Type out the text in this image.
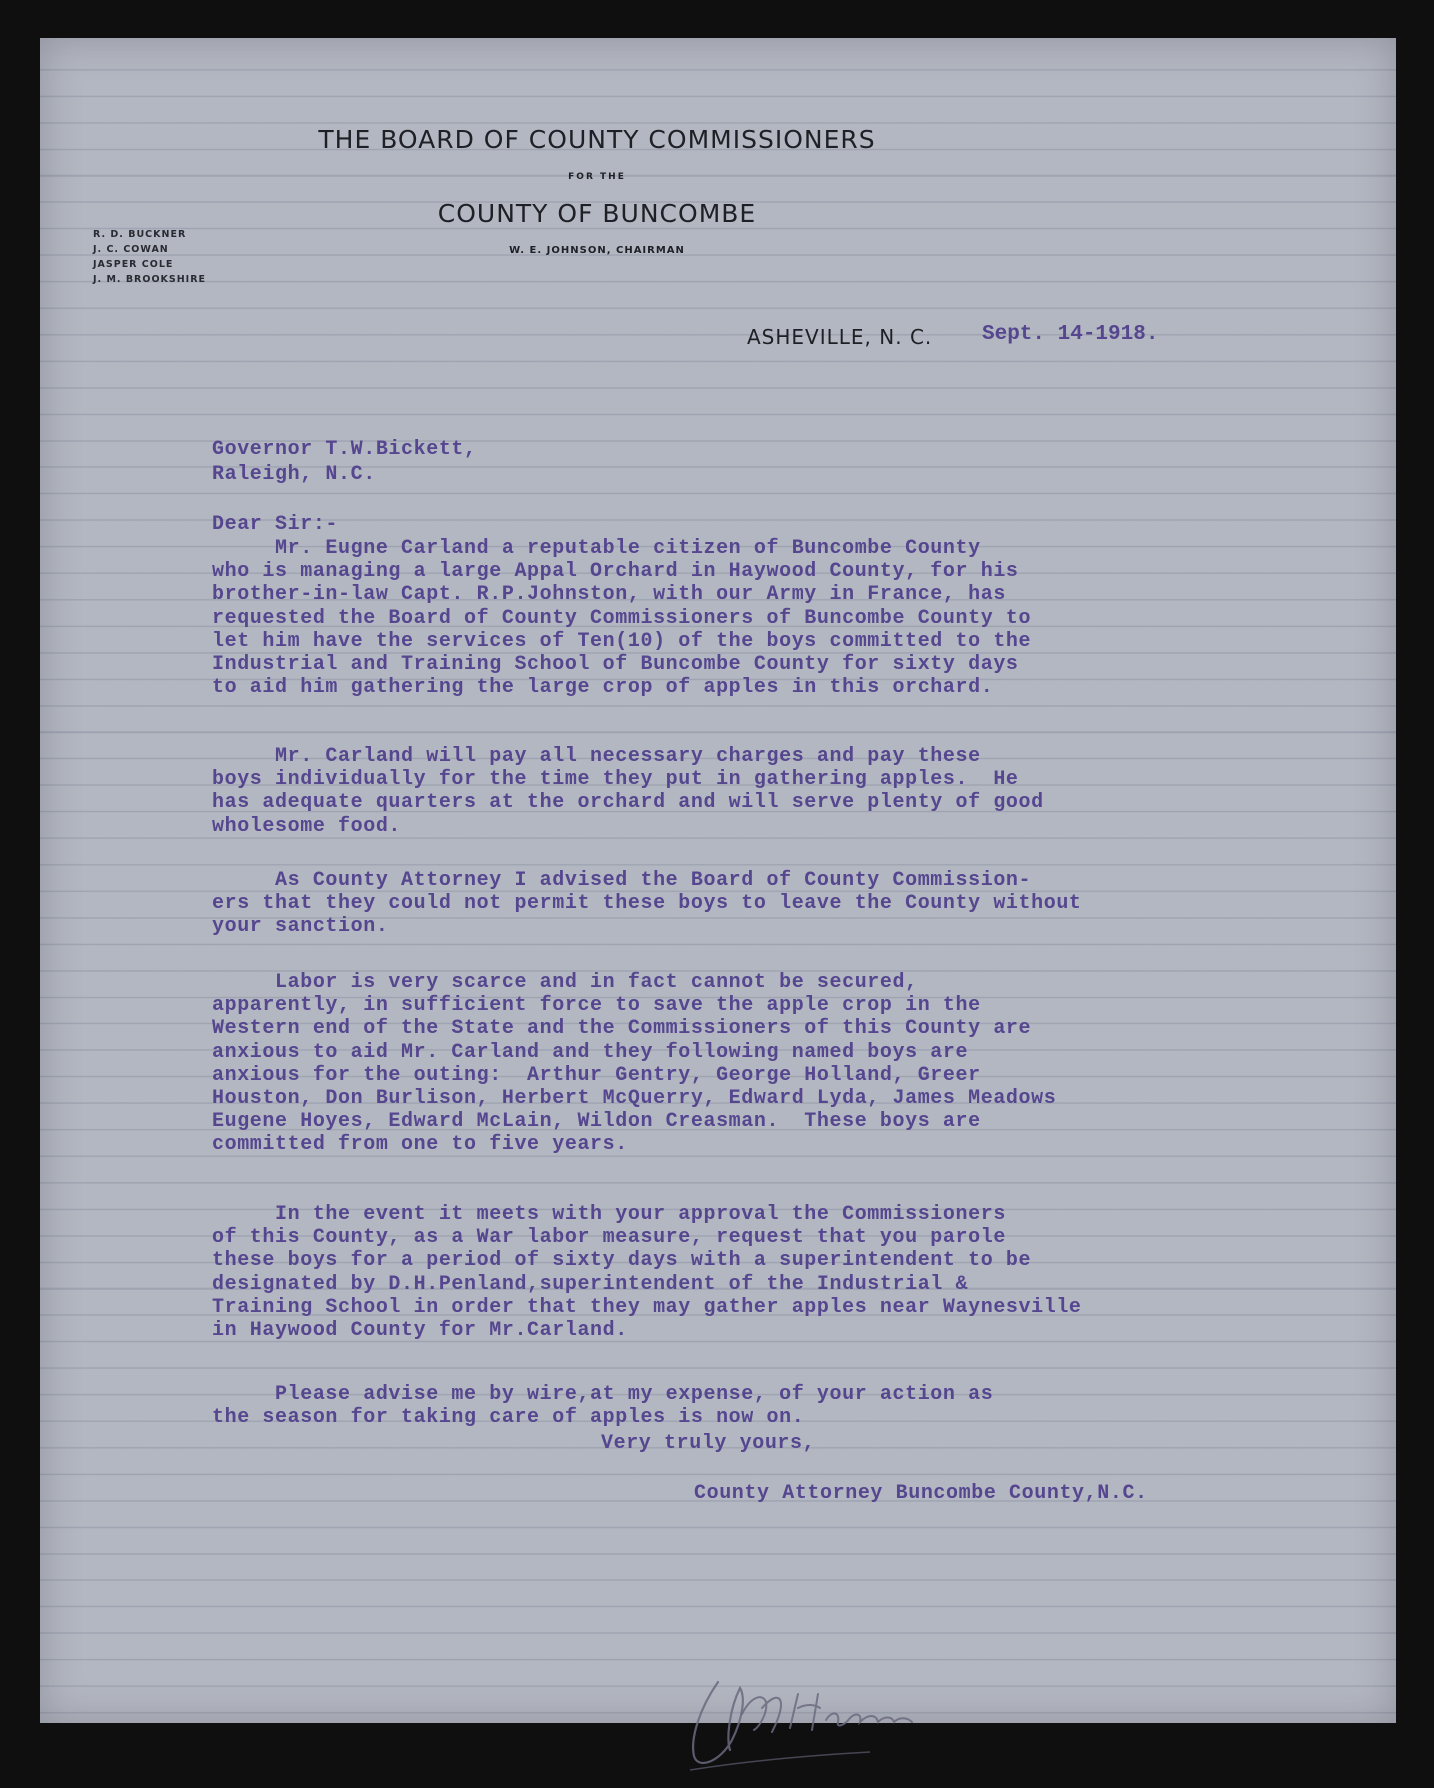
THE BOARD OF COUNTY COMMISSIONERS
FOR THE
COUNTY OF BUNCOMBE
W. E. JOHNSON, CHAIRMAN
R. D. BUCKNER
J. C. COWAN
JASPER COLE
J. M. BROOKSHIRE
ASHEVILLE, N. C. Sept. 14-1918.
Governor T.W.Bickett,
Raleigh, N.C.
Dear Sir:-
Mr. Eugne Carland a reputable citizen of Buncombe County
who is managing a large Appal Orchard in Haywood County, for his
brother-in-law Capt. R.P.Johnston, with our Army in France, has
requested the Board of County Commissioners of Buncombe County to
let him have the services of Ten(10) of the boys committed to the
Industrial and Training School of Buncombe County for sixty days
to aid him gathering the large crop of apples in this orchard.
Mr. Carland will pay all necessary charges and pay these
boys individually for the time they put in gathering apples.  He
has adequate quarters at the orchard and will serve plenty of good
wholesome food.
As County Attorney I advised the Board of County Commission-
ers that they could not permit these boys to leave the County without
your sanction.
Labor is very scarce and in fact cannot be secured,
apparently, in sufficient force to save the apple crop in the
Western end of the State and the Commissioners of this County are
anxious to aid Mr. Carland and they following named boys are
anxious for the outing:  Arthur Gentry, George Holland, Greer
Houston, Don Burlison, Herbert McQuerry, Edward Lyda, James Meadows
Eugene Hoyes, Edward McLain, Wildon Creasman.  These boys are
committed from one to five years.
In the event it meets with your approval the Commissioners
of this County, as a War labor measure, request that you parole
these boys for a period of sixty days with a superintendent to be
designated by D.H.Penland,superintendent of the Industrial &
Training School in order that they may gather apples near Waynesville
in Haywood County for Mr.Carland.
Please advise me by wire,at my expense, of your action as
the season for taking care of apples is now on.
Very truly yours,
County Attorney Buncombe County,N.C.
